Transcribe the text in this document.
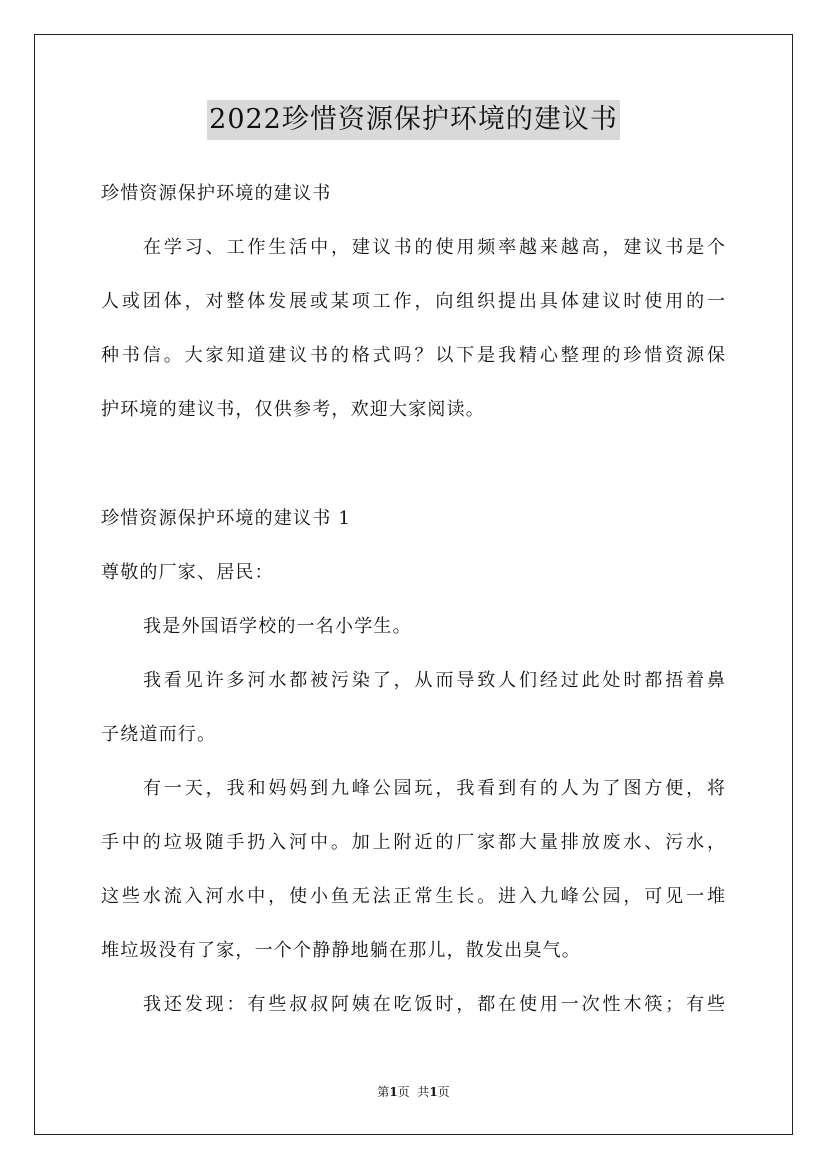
2022珍惜资源保护环境的建议书
珍惜资源保护环境的建议书
在学习、工作生活中，建议书的使用频率越来越高，建议书是个
人或团体，对整体发展或某项工作，向组织提出具体建议时使用的一
种书信。大家知道建议书的格式吗？以下是我精心整理的珍惜资源保
护环境的建议书，仅供参考，欢迎大家阅读。
珍惜资源保护环境的建议书 1
尊敬的厂家、居民：
我是外国语学校的一名小学生。
我看见许多河水都被污染了，从而导致人们经过此处时都捂着鼻
子绕道而行。
有一天，我和妈妈到九峰公园玩，我看到有的人为了图方便，将
手中的垃圾随手扔入河中。加上附近的厂家都大量排放废水、污水，
这些水流入河水中，使小鱼无法正常生长。进入九峰公园，可见一堆
堆垃圾没有了家，一个个静静地躺在那儿，散发出臭气。
我还发现：有些叔叔阿姨在吃饭时，都在使用一次性木筷；有些
第1页  共1页
